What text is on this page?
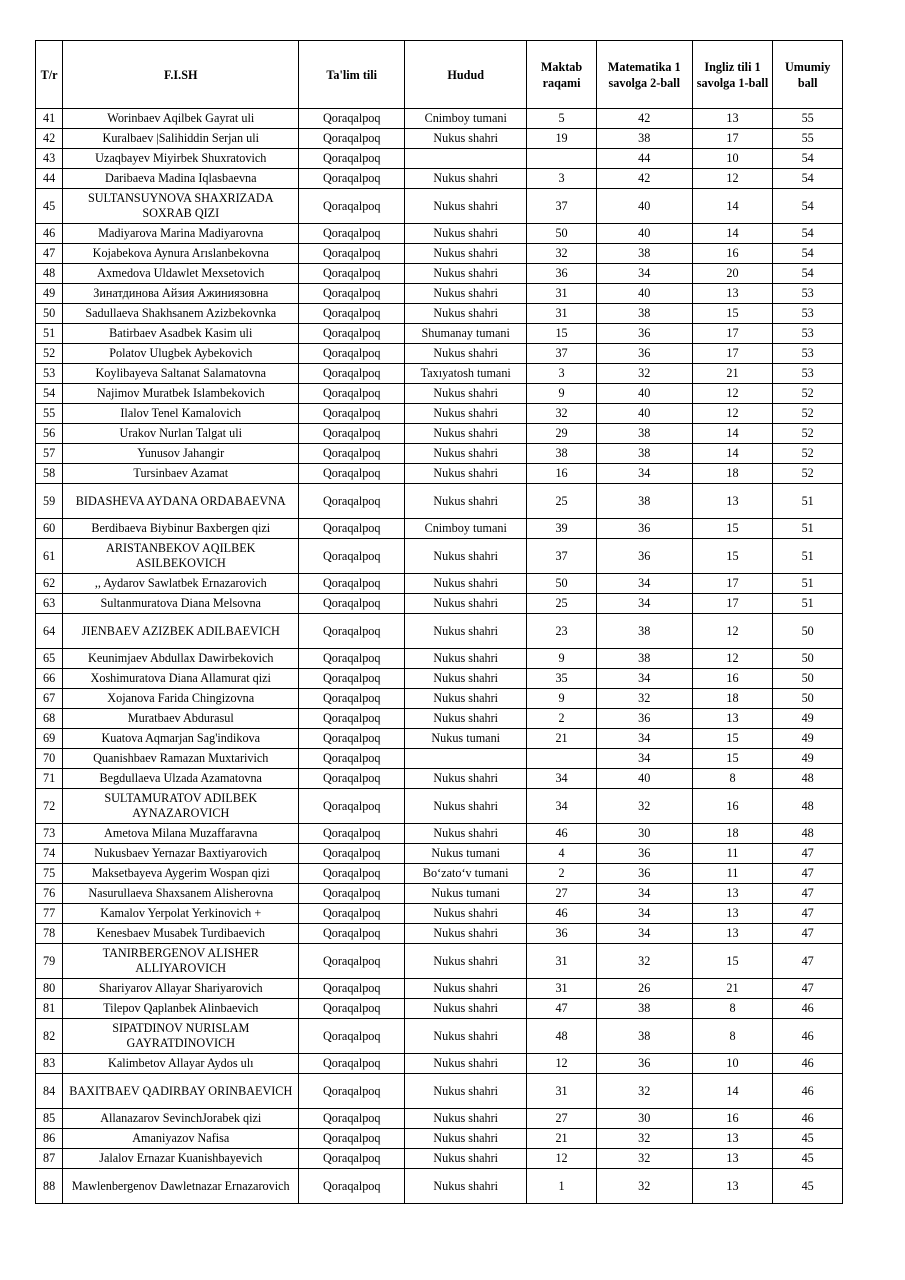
T/r	F.I.SH	Ta'lim tili	Hudud	Maktab raqami	Matematika 1 savolga 2-ball	Ingliz tili 1 savolga 1-ball	Umumiy ball
41	Worinbaev Aqilbek Gayrat uli	Qoraqalpoq	Cnimboy tumani	5	42	13	55
42	Kuralbaev |Salihiddin Serjan uli	Qoraqalpoq	Nukus shahri	19	38	17	55
43	Uzaqbayev Miyirbek Shuxratovich	Qoraqalpoq			44	10	54
44	Daribaeva Madina Iqlasbaevna	Qoraqalpoq	Nukus shahri	3	42	12	54
45	SULTANSUYNOVA SHAXRIZADA SOXRAB QIZI	Qoraqalpoq	Nukus shahri	37	40	14	54
46	Madiyarova Marina Madiyarovna	Qoraqalpoq	Nukus shahri	50	40	14	54
47	Kojabekova Aynura Arıslanbekovna	Qoraqalpoq	Nukus shahri	32	38	16	54
48	Axmedova Uldawlet Mexsetovich	Qoraqalpoq	Nukus shahri	36	34	20	54
49	Зинатдинова Айзия Ажиниязовна	Qoraqalpoq	Nukus shahri	31	40	13	53
50	Sadullaeva Shakhsanem Azizbekovnka	Qoraqalpoq	Nukus shahri	31	38	15	53
51	Batirbaev Asadbek Kasim uli	Qoraqalpoq	Shumanay tumani	15	36	17	53
52	Polatov Ulugbek Aybekovich	Qoraqalpoq	Nukus shahri	37	36	17	53
53	Koylibayeva Saltanat Salamatovna	Qoraqalpoq	Taxıyatosh tumani	3	32	21	53
54	Najimov Muratbek Islambekovich	Qoraqalpoq	Nukus shahri	9	40	12	52
55	Ilalov Tenel Kamalovich	Qoraqalpoq	Nukus shahri	32	40	12	52
56	Urakov Nurlan Talgat uli	Qoraqalpoq	Nukus shahri	29	38	14	52
57	Yunusov Jahangir	Qoraqalpoq	Nukus shahri	38	38	14	52
58	Tursinbaev Azamat	Qoraqalpoq	Nukus shahri	16	34	18	52
59	BIDASHEVA AYDANA ORDABAEVNA	Qoraqalpoq	Nukus shahri	25	38	13	51
60	Berdibaeva Biybinur Baxbergen qizi	Qoraqalpoq	Cnimboy tumani	39	36	15	51
61	ARISTANBEKOV AQILBEK ASILBEKOVICH	Qoraqalpoq	Nukus shahri	37	36	15	51
62	,, Aydarov Sawlatbek Ernazarovich	Qoraqalpoq	Nukus shahri	50	34	17	51
63	Sultanmuratova Diana Melsovna	Qoraqalpoq	Nukus shahri	25	34	17	51
64	JIENBAEV AZIZBEK ADILBAEVICH	Qoraqalpoq	Nukus shahri	23	38	12	50
65	Keunimjaev Abdullax Dawirbekovich	Qoraqalpoq	Nukus shahri	9	38	12	50
66	Xoshimuratova Diana Allamurat qizi	Qoraqalpoq	Nukus shahri	35	34	16	50
67	Xojanova Farida Chingizovna	Qoraqalpoq	Nukus shahri	9	32	18	50
68	Muratbaev Abdurasul	Qoraqalpoq	Nukus shahri	2	36	13	49
69	Kuatova Aqmarjan Sag'indikova	Qoraqalpoq	Nukus tumani	21	34	15	49
70	Quanishbaev Ramazan Muxtarivich	Qoraqalpoq			34	15	49
71	Begdullaeva Ulzada Azamatovna	Qoraqalpoq	Nukus shahri	34	40	8	48
72	SULTAMURATOV ADILBEK AYNAZAROVICH	Qoraqalpoq	Nukus shahri	34	32	16	48
73	Ametova Milana Muzaffaravna	Qoraqalpoq	Nukus shahri	46	30	18	48
74	Nukusbaev Yernazar Baxtiyarovich	Qoraqalpoq	Nukus tumani	4	36	11	47
75	Maksetbayeva Aygerim Wospan qizi	Qoraqalpoq	Bo‘zato‘v tumani	2	36	11	47
76	Nasurullaeva Shaxsanem Alisherovna	Qoraqalpoq	Nukus tumani	27	34	13	47
77	Kamalov Yerpolat Yerkinovich +	Qoraqalpoq	Nukus shahri	46	34	13	47
78	Kenesbaev Musabek Turdibaevich	Qoraqalpoq	Nukus shahri	36	34	13	47
79	TANIRBERGENOV ALISHER ALLIYAROVICH	Qoraqalpoq	Nukus shahri	31	32	15	47
80	Shariyarov Allayar Shariyarovich	Qoraqalpoq	Nukus shahri	31	26	21	47
81	Tilepov Qaplanbek Alinbaevich	Qoraqalpoq	Nukus shahri	47	38	8	46
82	SIPATDINOV NURISLAM GAYRATDINOVICH	Qoraqalpoq	Nukus shahri	48	38	8	46
83	Kalimbetov Allayar Aydos ulı	Qoraqalpoq	Nukus shahri	12	36	10	46
84	BAXITBAEV QADIRBAY ORINBAEVICH	Qoraqalpoq	Nukus shahri	31	32	14	46
85	Allanazarov SevinchJorabek qizi	Qoraqalpoq	Nukus shahri	27	30	16	46
86	Amaniyazov Nafisa	Qoraqalpoq	Nukus shahri	21	32	13	45
87	Jalalov Ernazar Kuanishbayevich	Qoraqalpoq	Nukus shahri	12	32	13	45
88	Mawlenbergenov Dawletnazar Ernazarovich	Qoraqalpoq	Nukus shahri	1	32	13	45
